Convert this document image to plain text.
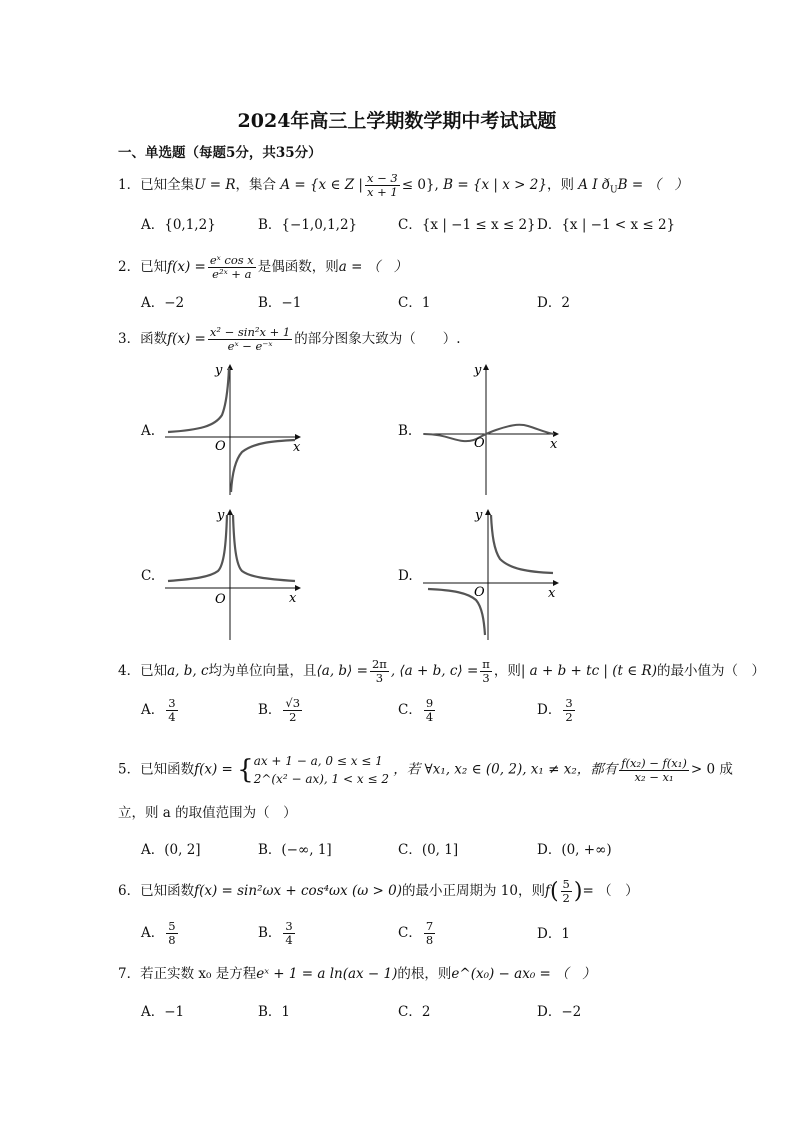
2024年高三上学期数学期中考试试题
一、单选题（每题5分，共35分）
1．已知全集U = R，集合 A = {x ∈ Z | $\frac{x - 3}{x + 1} \le 0$}, B = {x | x > 2}，则 A I $ð_UB$ = （　）
A．{0,1,2}	B．{−1,0,1,2}	C．{x | −1 ≤ x ≤ 2} D．{x | −1 < x ≤ 2}
2．已知$f(x) = \frac{\text{eˣ cos x}}{\text{e²ˣ + a}}$ 是偶函数，则a = （　）
A．−2	B．−1	C．1	D．2
3．函数$f(x) = \frac{\text{x² − sin²x + 1}}{\text{eˣ − e⁻ˣ}}$ 的部分图象大致为（　　）.
A.
y
x
O
B.
y
x
O
C.
y
x
O
D.
y
x
O
4．已知a, b, c均为单位向量，且⟨a, b⟩ = $\frac{2\pi}{3}$ , ⟨a + b, c⟩ = $\frac{\pi}{3}$ ，则| a + b + tc | (t ∈ R)的最小值为（　）
A． $\frac{3}{4}$	B． $\frac{√3}{2}$	C． $\frac{9}{4}$	D． $\frac{3}{2}$
5．已知函数f(x) = { ax + 1 − a, 0 ≤ x ≤ 1
2^(x² − ax), 1 < x ≤ 2
，若 ∀x₁, x₂ ∈ (0, 2), x₁ ≠ x₂，都有 $\frac{\text{f(x₂) − f(x₁)}}{\text{x₂ − x₁}} > 0$ 成
立，则 a 的取值范围为（　）
A．(0, 2]	B．(−∞, 1]	C．(0, 1]	D．(0, +∞)
6．已知函数f(x) = sin²ωx + cos⁴ωx (ω > 0)的最小正周期为 10，则$f( \frac{5}{2}$ )= （　）
A． $\frac{5}{8}$	B． $\frac{3}{4}$	C． $\frac{7}{8}$	D．1
7．若正实数 x₀ 是方程eˣ + 1 = a ln(ax − 1)的根，则e^(x₀) − ax₀ = （　）
A．−1	B．1	C．2	D．−2
